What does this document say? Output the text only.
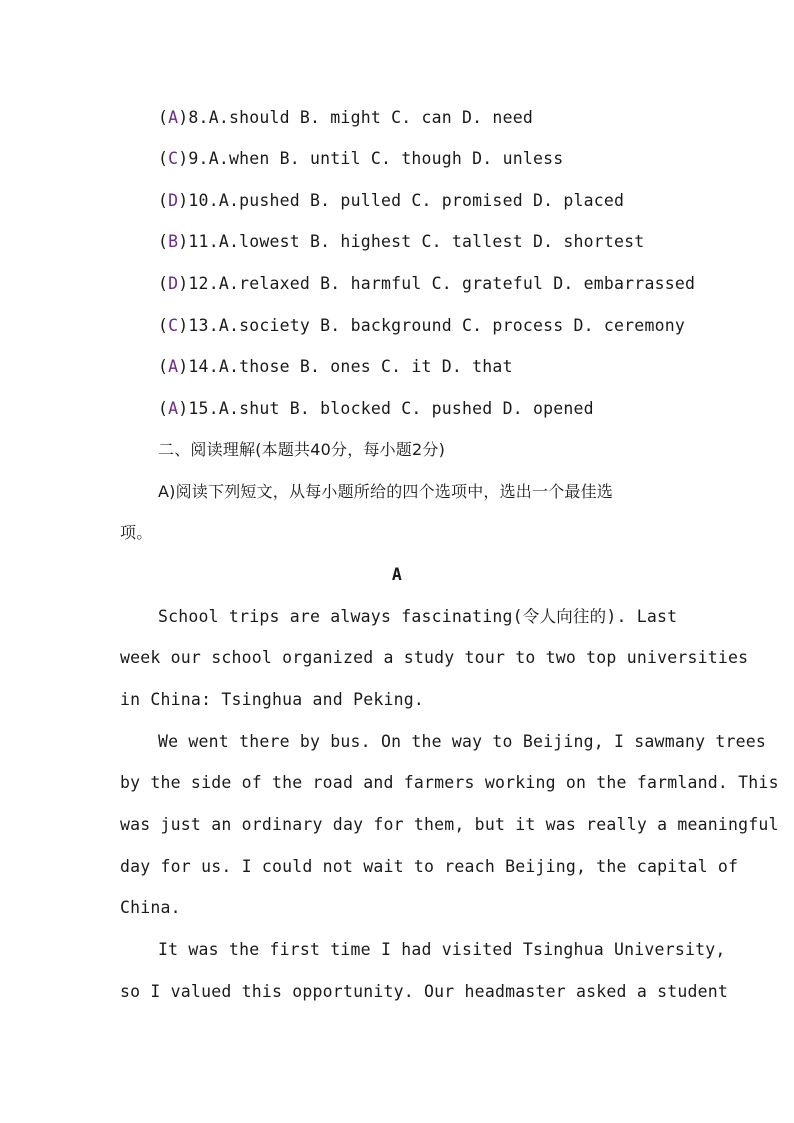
(A)8.A.should B. might C. can D. need
(C)9.A.when B. until C. though D. unless
(D)10.A.pushed B. pulled C. promised D. placed
(B)11.A.lowest B. highest C. tallest D. shortest
(D)12.A.relaxed B. harmful C. grateful D. embarrassed
(C)13.A.society B. background C. process D. ceremony
(A)14.A.those B. ones C. it D. that
(A)15.A.shut B. blocked C. pushed D. opened
二、阅读理解(本题共40分，每小题2分)
A)阅读下列短文，从每小题所给的四个选项中，选出一个最佳选
项。
A
School trips are always fascinating(令人向往的). Last
week our school organized a study tour to two top universities
in China: Tsinghua and Peking.
We went there by bus. On the way to Beijing, I sawmany trees
by the side of the road and farmers working on the farmland. This
was just an ordinary day for them, but it was really a meaningful
day for us. I could not wait to reach Beijing, the capital of
China.
It was the first time I had visited Tsinghua University,
so I valued this opportunity. Our headmaster asked a student
